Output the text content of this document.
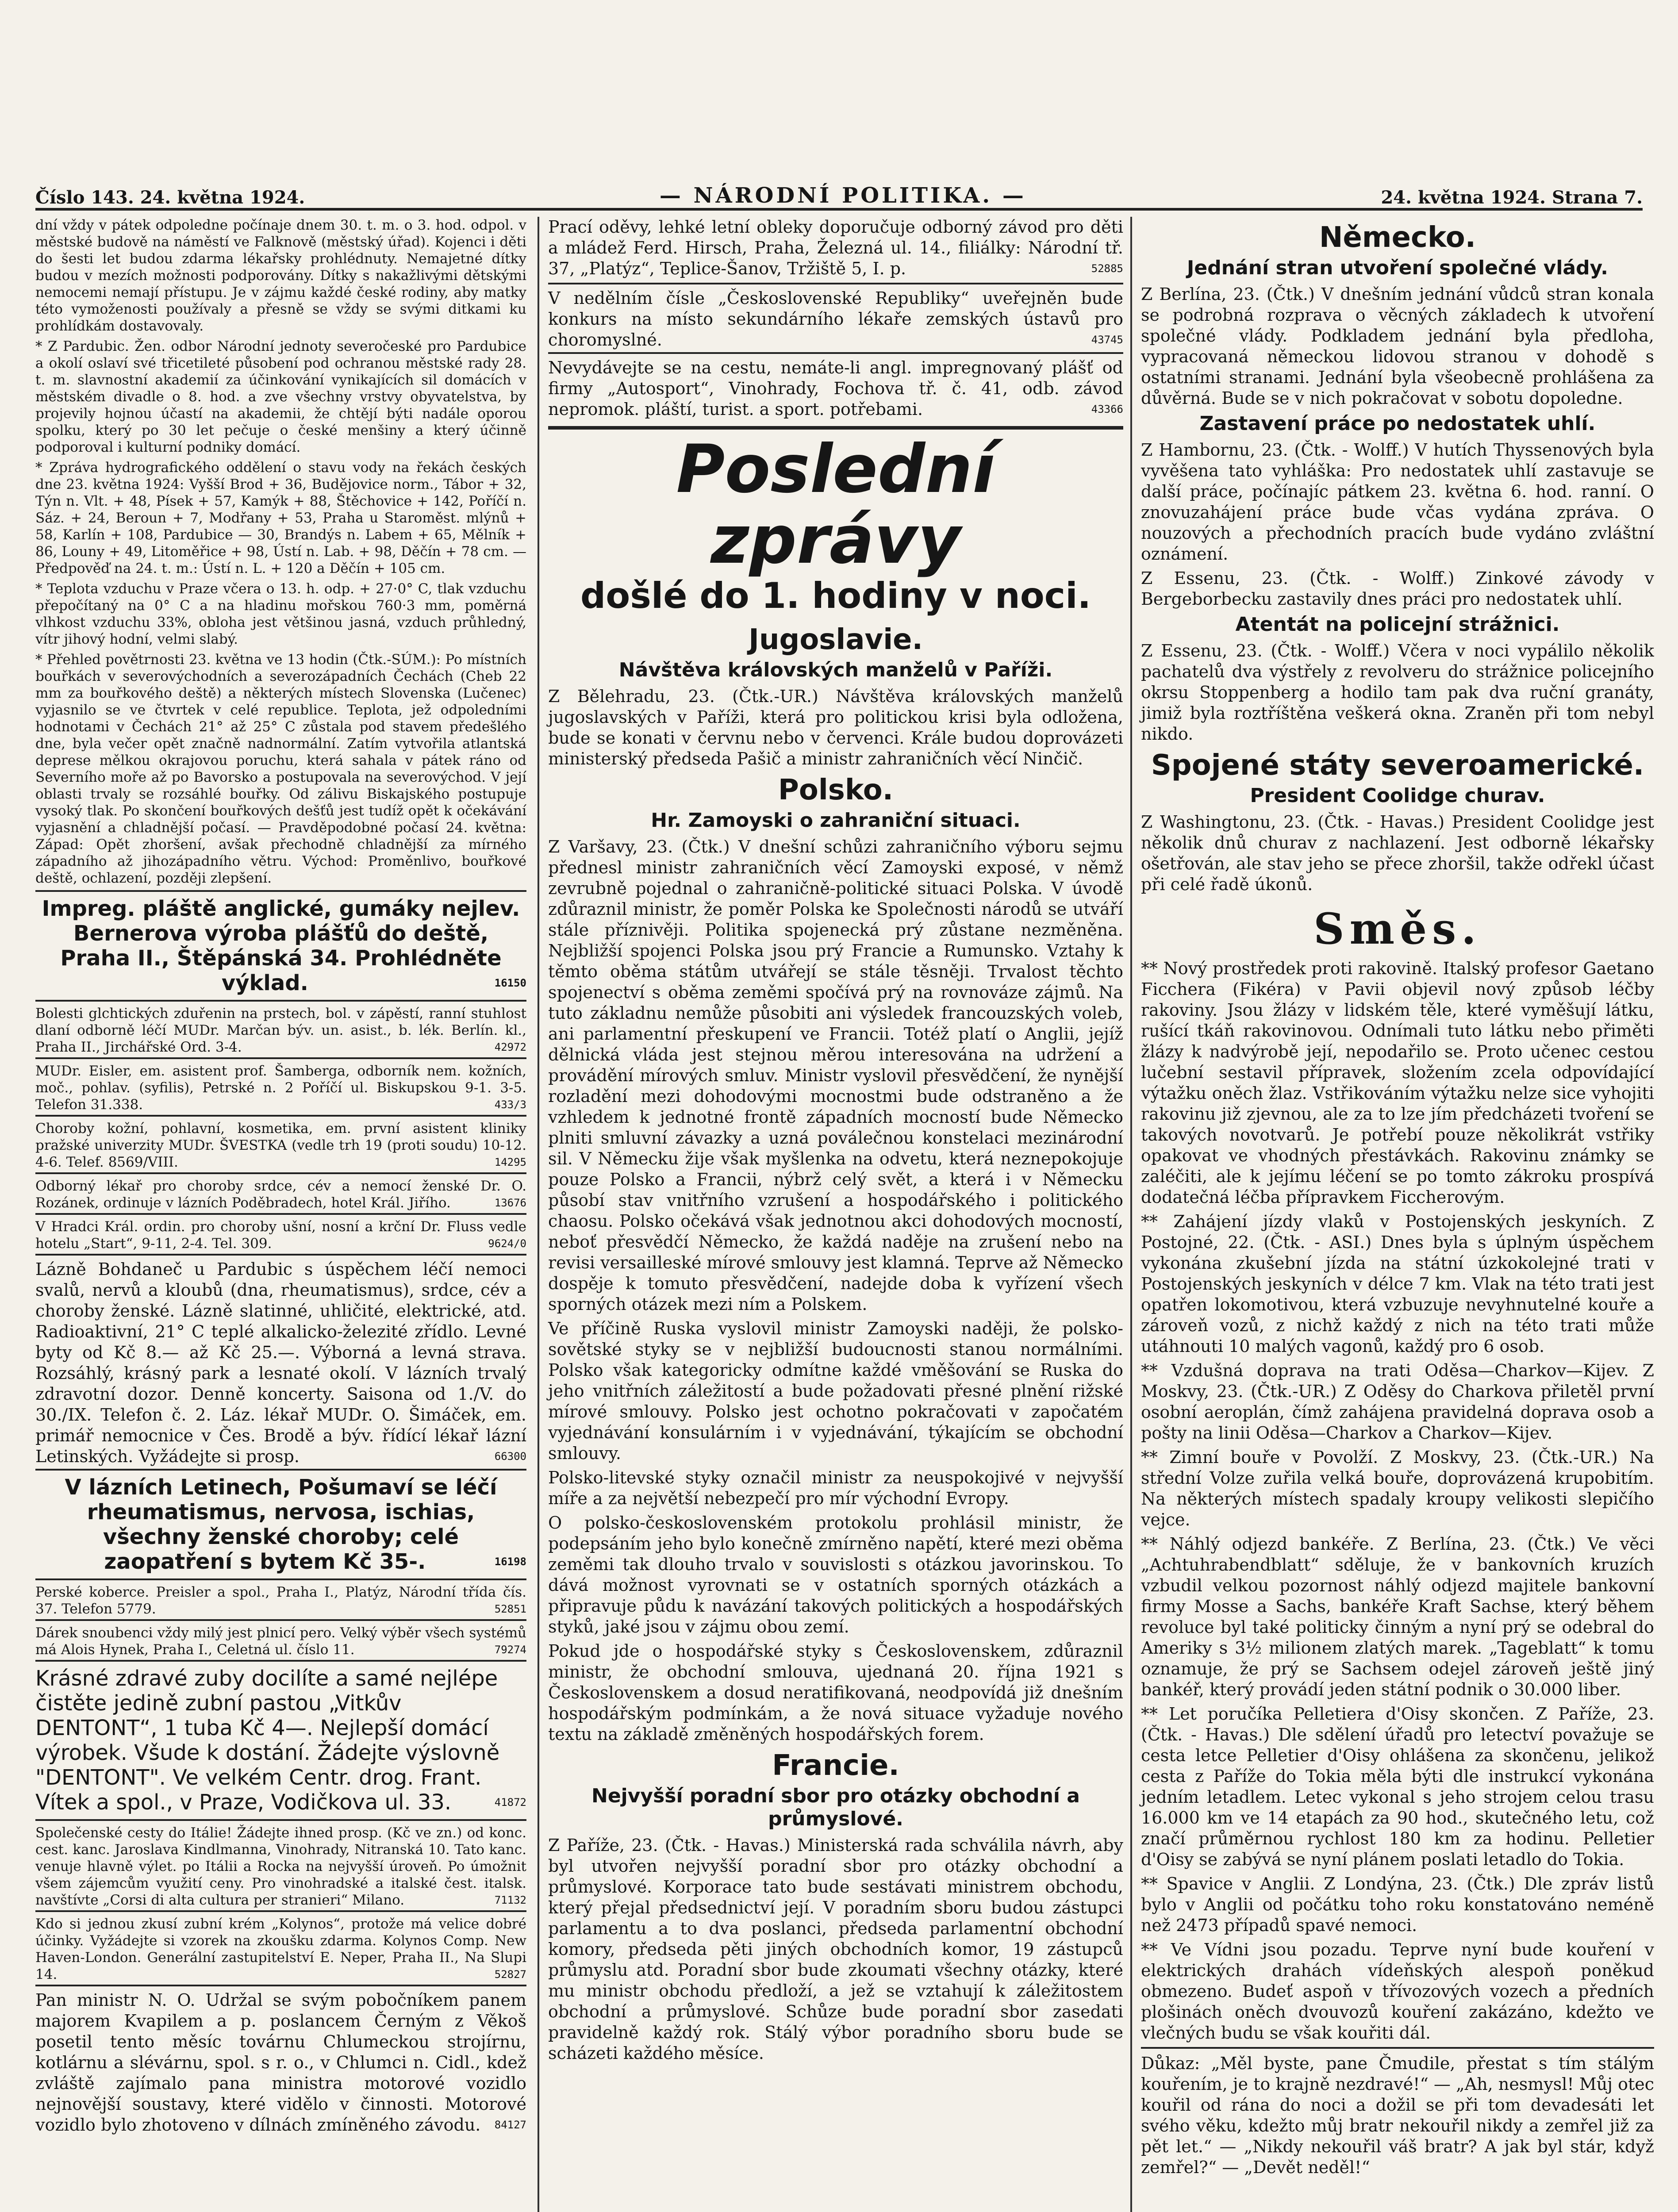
Číslo 143. 24. května 1924.	— NÁRODNÍ POLITIKA. —	24. května 1924. Strana 7.

dní vždy v pátek odpoledne počínaje dnem 30. t. m. o 3. hod. odpol. v městské budově na náměstí ve Falknově (městský úřad). Kojenci i děti do šesti let budou zdarma lékařsky prohlédnuty. Nemajetné dítky budou v mezích možnosti podporovány. Dítky s nakažlivými dětskými nemocemi nemají přístupu. Je v zájmu každé české rodiny, aby matky této vymoženosti používaly a přesně se vždy se svými ditkami ku prohlídkám dostavovaly.

* Z Pardubic. Žen. odbor Národní jednoty severočeské pro Pardubice a okolí oslaví své třicetileté působení pod ochranou městské rady 28. t. m. slavnostní akademií za účinkování vynikajících sil domácích v městském divadle o 8. hod. a zve všechny vrstvy obyvatelstva, by projevily hojnou účastí na akademii, že chtějí býti nadále oporou spolku, který po 30 let pečuje o české menšiny a který účinně podporoval i kulturní podniky domácí.

* Zpráva hydrografického oddělení o stavu vody na řekách českých dne 23. května 1924: Vyšší Brod + 36, Budějovice norm., Tábor + 32, Týn n. Vlt. + 48, Písek + 57, Kamýk + 88, Štěchovice + 142, Poříčí n. Sáz. + 24, Beroun + 7, Modřany + 53, Praha u Staroměst. mlýnů + 58, Karlín + 108, Pardubice — 30, Brandýs n. Labem + 65, Mělník + 86, Louny + 49, Litoměřice + 98, Ústí n. Lab. + 98, Děčín + 78 cm. — Předpověď na 24. t. m.: Ústí n. L. + 120 a Děčín + 105 cm.

* Teplota vzduchu v Praze včera o 13. h. odp. + 27·0° C, tlak vzduchu přepočítaný na 0° C a na hladinu mořskou 760·3 mm, poměrná vlhkost vzduchu 33%, obloha jest většinou jasná, vzduch průhledný, vítr jihový hodní, velmi slabý.

* Přehled povětrnosti 23. května ve 13 hodin (Čtk.-SÚM.): Po místních bouřkách v severovýchodních a severozápadních Čechách (Cheb 22 mm za bouřkového deště) a některých místech Slovenska (Lučenec) vyjasnilo se ve čtvrtek v celé republice. Teplota, jež odpoledními hodnotami v Čechách 21° až 25° C zůstala pod stavem předešlého dne, byla večer opět značně nadnormální. Zatím vytvořila atlantská deprese mělkou okrajovou poruchu, která sahala v pátek ráno od Severního moře až po Bavorsko a postupovala na severovýchod. V její oblasti trvaly se rozsáhlé bouřky. Od zálivu Biskajského postupuje vysoký tlak. Po skončení bouřkových dešťů jest tudíž opět k očekávání vyjasnění a chladnější počasí. — Pravděpodobné počasí 24. května: Západ: Opět zhoršení, avšak přechodně chladnější za mírného západního až jihozápadního větru. Východ: Proměnlivo, bouřkové deště, ochlazení, později zlepšení.

Impreg. pláště anglické, gumáky nejlev. Bernerova výroba plášťů do deště, Praha II., Štěpánská 34. Prohlédněte výklad.	16150

Bolesti glchtických zduřenin na prstech, bol. v zápěstí, ranní stuhlost dlaní odborně léčí MUDr. Marčan býv. un. asist., b. lék. Berlín. kl., Praha II., Jirchářské Ord. 3-4.	42972

MUDr. Eisler, em. asistent prof. Šamberga, odborník nem. kožních, moč., pohlav. (syfilis), Petrské n. 2 Poříčí ul. Biskupskou 9-1. 3-5. Telefon 31.338.	433/3

Choroby kožní, pohlavní, kosmetika, em. první asistent kliniky pražské univerzity MUDr. ŠVESTKA (vedle trh 19 (proti soudu) 10-12. 4-6. Telef. 8569/VIII.	14295

Odborný lékař pro choroby srdce, cév a nemocí ženské Dr. O. Rozánek, ordinuje v lázních Poděbradech, hotel Král. Jiřího.	13676

V Hradci Král. ordin. pro choroby ušní, nosní a krční Dr. Fluss vedle hotelu „Start“, 9-11, 2-4. Tel. 309.	9624/0

Lázně Bohdaneč u Pardubic s úspěchem léčí nemoci svalů, nervů a kloubů (dna, rheumatismus), srdce, cév a choroby ženské. Lázně slatinné, uhličité, elektrické, atd. Radioaktivní, 21° C teplé alkalicko-železité zřídlo. Levné byty od Kč 8.— až Kč 25.—. Výborná a levná strava. Rozsáhlý, krásný park a lesnaté okolí. V lázních trvalý zdravotní dozor. Denně koncerty. Saisona od 1./V. do 30./IX. Telefon č. 2. Láz. lékař MUDr. O. Šimáček, em. primář nemocnice v Čes. Brodě a býv. řídící lékař lázní Letinských. Vyžádejte si prosp.	66300

V lázních Letinech, Pošumaví se léčí rheumatismus, nervosa, ischias, všechny ženské choroby; celé zaopatření s bytem Kč 35-.	16198

Perské koberce. Preisler a spol., Praha I., Platýz, Národní třída čís. 37. Telefon 5779.	52851

Dárek snoubenci vždy milý jest plnicí pero. Velký výběr všech systémů má Alois Hynek, Praha I., Celetná ul. číslo 11.	79274

Krásné zdravé zuby docilíte a samé nejlépe čistěte jedině zubní pastou „Vitkův DENTONT“, 1 tuba Kč 4—. Nejlepší domácí výrobek. Všude k dostání. Žádejte výslovně "DENTONT". Ve velkém Centr. drog. Frant. Vítek a spol., v Praze, Vodičkova ul. 33.	41872

Společenské cesty do Itálie! Žádejte ihned prosp. (Kč ve zn.) od konc. cest. kanc. Jaroslava Kindlmanna, Vinohrady, Nitranská 10. Tato kanc. venuje hlavně výlet. po Itálii a Rocka na nejvyšší úroveň. Po úmožnit všem zájemcům využití ceny. Pro vinohradské a italské čest. italsk. navštívte „Corsi di alta cultura per stranieri“ Milano.	71132

Kdo si jednou zkusí zubní krém „Kolynos“, protože má velice dobré účinky. Vyžádejte si vzorek na zkoušku zdarma. Kolynos Comp. New Haven-London. Generální zastupitelství E. Neper, Praha II., Na Slupi 14.	52827

Pan ministr N. O. Udržal se svým pobočníkem panem majorem Kvapilem a p. poslancem Černým z Věkoš posetil tento měsíc továrnu Chlumeckou strojírnu, kotlárnu a slévárnu, spol. s r. o., v Chlumci n. Cidl., kdež zvláště zajímalo pana ministra motorové vozidlo nejnovější soustavy, které vidělo v činnosti. Motorové vozidlo bylo zhotoveno v dílnách zmíněného závodu. 84127

Prací oděvy, lehké letní obleky doporučuje odborný závod pro děti a mládež Ferd. Hirsch, Praha, Železná ul. 14., filiálky: Národní tř. 37, „Platýz“, Teplice-Šanov, Tržiště 5, I. p.	52885

V nedělním čísle „Československé Republiky“ uveřejněn bude konkurs na místo sekundárního lékaře zemských ústavů pro choromyslné.	43745

Nevydávejte se na cestu, nemáte-li angl. impregnovaný plášť od firmy „Autosport“, Vinohrady, Fochova tř. č. 41, odb. závod nepromok. pláští, turist. a sport. potřebami.	43366

Poslední zprávy
došlé do 1. hodiny v noci.
Jugoslavie.
Návštěva královských manželů v Paříži.

Z Bělehradu, 23. (Čtk.-UR.) Návštěva královských manželů jugoslavských v Paříži, která pro politickou krisi byla odložena, bude se konati v červnu nebo v červenci. Krále budou doprovázeti ministerský předseda Pašič a ministr zahraničních věcí Ninčič.

Polsko.
Hr. Zamoyski o zahraniční situaci.

Z Varšavy, 23. (Čtk.) V dnešní schůzi zahraničního výboru sejmu přednesl ministr zahraničních věcí Zamoyski exposé, v němž zevrubně pojednal o zahraničně-politické situaci Polska. V úvodě zdůraznil ministr, že poměr Polska ke Společnosti národů se utváří stále příznivěji. Politika spojenecká prý zůstane nezměněna. Nejbližší spojenci Polska jsou prý Francie a Rumunsko. Vztahy k těmto oběma státům utvářejí se stále těsněji. Trvalost těchto spojenectví s oběma zeměmi spočívá prý na rovnováze zájmů. Na tuto základnu nemůže působiti ani výsledek francouzských voleb, ani parlamentní přeskupení ve Francii. Totéž platí o Anglii, jejíž dělnická vláda jest stejnou měrou interesována na udržení a provádění mírových smluv. Ministr vyslovil přesvědčení, že nynější rozladění mezi dohodovými mocnostmi bude odstraněno a že vzhledem k jednotné frontě západních mocností bude Německo plniti smluvní závazky a uzná poválečnou konstelaci mezinárodní sil. V Německu žije však myšlenka na odvetu, která neznepokojuje pouze Polsko a Francii, nýbrž celý svět, a která i v Německu působí stav vnitřního vzrušení a hospodářského i politického chaosu. Polsko očekává však jednotnou akci dohodových mocností, neboť přesvědčí Německo, že každá naděje na zrušení nebo na revisi versailleské mírové smlouvy jest klamná. Teprve až Německo dospěje k tomuto přesvědčení, nadejde doba k vyřízení všech sporných otázek mezi ním a Polskem.

Ve příčině Ruska vyslovil ministr Zamoyski naději, že polsko-sovětské styky se v nejbližší budoucnosti stanou normálními. Polsko však kategoricky odmítne každé vměšování se Ruska do jeho vnitřních záležitostí a bude požadovati přesné plnění rižské mírové smlouvy. Polsko jest ochotno pokračovati v započatém vyjednávání konsulárním i v vyjednávání, týkajícím se obchodní smlouvy.

Polsko-litevské styky označil ministr za neuspokojivé v nejvyšší míře a za největší nebezpečí pro mír východní Evropy.

O polsko-československém protokolu prohlásil ministr, že podepsáním jeho bylo konečně zmírněno napětí, které mezi oběma zeměmi tak dlouho trvalo v souvislosti s otázkou javorinskou. To dává možnost vyrovnati se v ostatních sporných otázkách a připravuje půdu k navázání takových politických a hospodářských styků, jaké jsou v zájmu obou zemí.

Pokud jde o hospodářské styky s Československem, zdůraznil ministr, že obchodní smlouva, ujednaná 20. října 1921 s Československem a dosud neratifikovaná, neodpovídá již dnešním hospodářským podmínkám, a že nová situace vyžaduje nového textu na základě změněných hospodářských forem.

Francie.
Nejvyšší poradní sbor pro otázky obchodní a průmyslové.

Z Paříže, 23. (Čtk. - Havas.) Ministerská rada schválila návrh, aby byl utvořen nejvyšší poradní sbor pro otázky obchodní a průmyslové. Korporace tato bude sestávati ministrem obchodu, který přejal předsednictví její. V poradním sboru budou zástupci parlamentu a to dva poslanci, předseda parlamentní obchodní komory, předseda pěti jiných obchodních komor, 19 zástupců průmyslu atd. Poradní sbor bude zkoumati všechny otázky, které mu ministr obchodu předloží, a jež se vztahují k záležitostem obchodní a průmyslové. Schůze bude poradní sbor zasedati pravidelně každý rok. Stálý výbor poradního sboru bude se scházeti každého měsíce.

Německo.
Jednání stran utvoření společné vlády.

Z Berlína, 23. (Čtk.) V dnešním jednání vůdců stran konala se podrobná rozprava o věcných základech k utvoření společné vlády. Podkladem jednání byla předloha, vypracovaná německou lidovou stranou v dohodě s ostatními stranami. Jednání byla všeobecně prohlášena za důvěrná. Bude se v nich pokračovat v sobotu dopoledne.

Zastavení práce po nedostatek uhlí.

Z Hambornu, 23. (Čtk. - Wolff.) V hutích Thyssenových byla vyvěšena tato vyhláška: Pro nedostatek uhlí zastavuje se další práce, počínajíc pátkem 23. května 6. hod. ranní. O znovuzahájení práce bude včas vydána zpráva. O nouzových a přechodních pracích bude vydáno zvláštní oznámení.

Z Essenu, 23. (Čtk. - Wolff.) Zinkové závody v Bergeborbecku zastavily dnes práci pro nedostatek uhlí.

Atentát na policejní strážnici.

Z Essenu, 23. (Čtk. - Wolff.) Včera v noci vypálilo několik pachatelů dva výstřely z revolveru do strážnice policejního okrsu Stoppenberg a hodilo tam pak dva ruční granáty, jimiž byla roztříštěna veškerá okna. Zraněn při tom nebyl nikdo.

Spojené státy severoamerické.
President Coolidge churav.

Z Washingtonu, 23. (Čtk. - Havas.) President Coolidge jest několik dnů churav z nachlazení. Jest odborně lékařsky ošetřován, ale stav jeho se přece zhoršil, takže odřekl účast při celé řadě úkonů.

Směs.

** Nový prostředek proti rakovině. Italský profesor Gaetano Ficchera (Fikéra) v Pavii objevil nový způsob léčby rakoviny. Jsou žlázy v lidském těle, které vyměšují látku, rušící tkáň rakovinovou. Odnímali tuto látku nebo přiměti žlázy k nadvýrobě její, nepodařilo se. Proto učenec cestou lučební sestavil přípravek, složením zcela odpovídající výtažku oněch žlaz. Vstřikováním výtažku nelze sice vyhojiti rakovinu již zjevnou, ale za to lze jím předcházeti tvoření se takových novotvarů. Je potřebí pouze několikrát vstřiky opakovat ve vhodných přestávkách. Rakovinu známky se zaléčiti, ale k jejímu léčení se po tomto zákroku prospívá dodatečná léčba přípravkem Ficcherovým.

** Zahájení jízdy vlaků v Postojenských jeskyních. Z Postojné, 22. (Čtk. - ASI.) Dnes byla s úplným úspěchem vykonána zkušební jízda na státní úzkokolejné trati v Postojenských jeskyních v délce 7 km. Vlak na této trati jest opatřen lokomotivou, která vzbuzuje nevyhnutelné kouře a zároveň vozů, z nichž každý z nich na této trati může utáhnouti 10 malých vagonů, každý pro 6 osob.

** Vzdušná doprava na trati Oděsa—Charkov—Kijev. Z Moskvy, 23. (Čtk.-UR.) Z Oděsy do Charkova přiletěl první osobní aeroplán, čímž zahájena pravidelná doprava osob a pošty na linii Oděsa—Charkov a Charkov—Kijev.

** Zimní bouře v Povolží. Z Moskvy, 23. (Čtk.-UR.) Na střední Volze zuřila velká bouře, doprovázená krupobitím. Na některých místech spadaly kroupy velikosti slepičího vejce.

** Náhlý odjezd bankéře. Z Berlína, 23. (Čtk.) Ve věci „Achtuhrabendblatt“ sděluje, že v bankovních kruzích vzbudil velkou pozornost náhlý odjezd majitele bankovní firmy Mosse a Sachs, bankéře Kraft Sachse, který během revoluce byl také politicky činným a nyní prý se odebral do Ameriky s 3½ milionem zlatých marek. „Tageblatt“ k tomu oznamuje, že prý se Sachsem odejel zároveň ještě jiný bankéř, který provádí jeden státní podnik o 30.000 liber.

** Let poručíka Pelletiera d'Oisy skončen. Z Paříže, 23. (Čtk. - Havas.) Dle sdělení úřadů pro letectví považuje se cesta letce Pelletier d'Oisy ohlášena za skončenu, jelikož cesta z Paříže do Tokia měla býti dle instrukcí vykonána jedním letadlem. Letec vykonal s jeho strojem celou trasu 16.000 km ve 14 etapách za 90 hod., skutečného letu, což značí průměrnou rychlost 180 km za hodinu. Pelletier d'Oisy se zabývá se nyní plánem poslati letadlo do Tokia.

** Spavice v Anglii. Z Londýna, 23. (Čtk.) Dle zpráv listů bylo v Anglii od počátku toho roku konstatováno neméně než 2473 případů spavé nemoci.

** Ve Vídni jsou pozadu. Teprve nyní bude kouření v elektrických drahách vídeňských alespoň poněkud obmezeno. Budeť aspoň v třívozových vozech a předních plošinách oněch dvouvozů kouření zakázáno, kdežto ve vlečných budu se však kouřiti dál.

Důkaz: „Měl byste, pane Čmudile, přestat s tím stálým kouřením, je to krajně nezdravé!“ — „Ah, nesmysl! Můj otec kouřil od rána do noci a dožil se při tom devadesáti let svého věku, kdežto můj bratr nekouřil nikdy a zemřel již za pět let.“ — „Nikdy nekouřil váš bratr? A jak byl stár, když zemřel?“ — „Devět neděl!“
